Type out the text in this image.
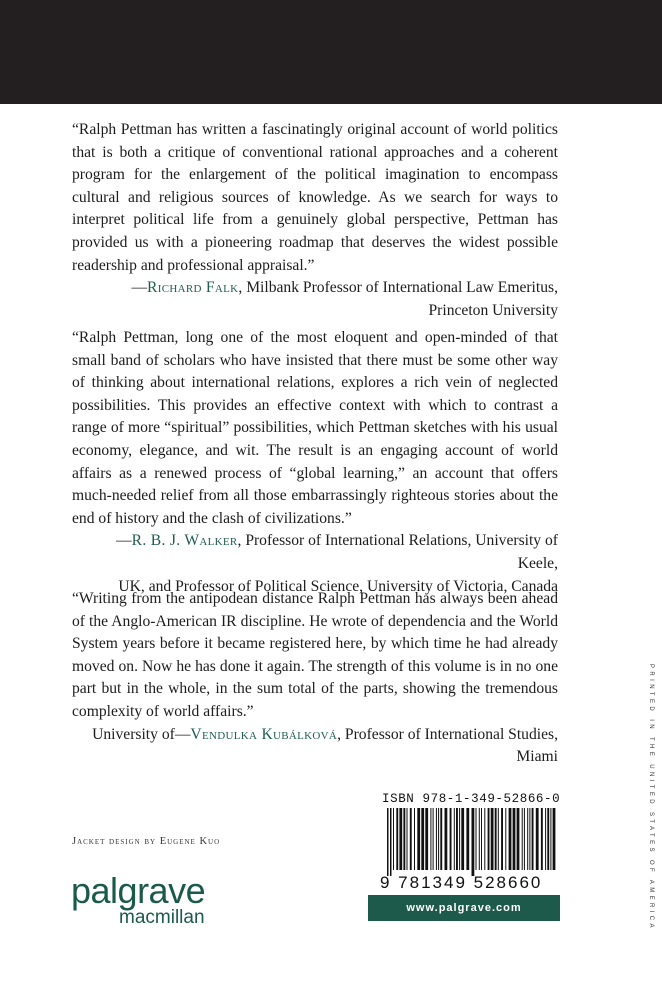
“Ralph Pettman has written a fascinatingly original account of world politics that is both a critique of conventional rational approaches and a coherent program for the enlargement of the political imagination to encompass cultural and religious sources of knowledge. As we search for ways to interpret political life from a genuinely global perspective, Pettman has provided us with a pioneering roadmap that deserves the widest possible readership and professional appraisal.”

—Richard Falk, Milbank Professor of International Law Emeritus,
Princeton University

“Ralph Pettman, long one of the most eloquent and open-minded of that small band of scholars who have insisted that there must be some other way of thinking about international relations, explores a rich vein of neglected possibilities. This provides an effective context with which to contrast a range of more “spiritual” possibilities, which Pettman sketches with his usual economy, elegance, and wit. The result is an engaging account of world affairs as a renewed process of “global learning,” an account that offers much-needed relief from all those embarrassingly righteous stories about the end of history and the clash of civilizations.”

—R. B. J. Walker, Professor of International Relations, University of Keele,
UK, and Professor of Political Science, University of Victoria, Canada

“Writing from the antipodean distance Ralph Pettman has always been ahead of the Anglo-American IR discipline. He wrote of dependencia and the World System years before it became registered here, by which time he had already moved on. Now he has done it again. The strength of this volume is in no one part but in the whole, in the sum total of the parts, showing the tremendous complexity of world affairs.”
—Vendulka Kubálková, Professor of International Studies,

University of Miami
Jacket design by Eugene Kuo
palgrave
macmillan
ISBN 978-1-349-52866-0
9 781349 528660
www.palgrave.com	PRINTED IN THE UNITED STATES OF AMERICA
